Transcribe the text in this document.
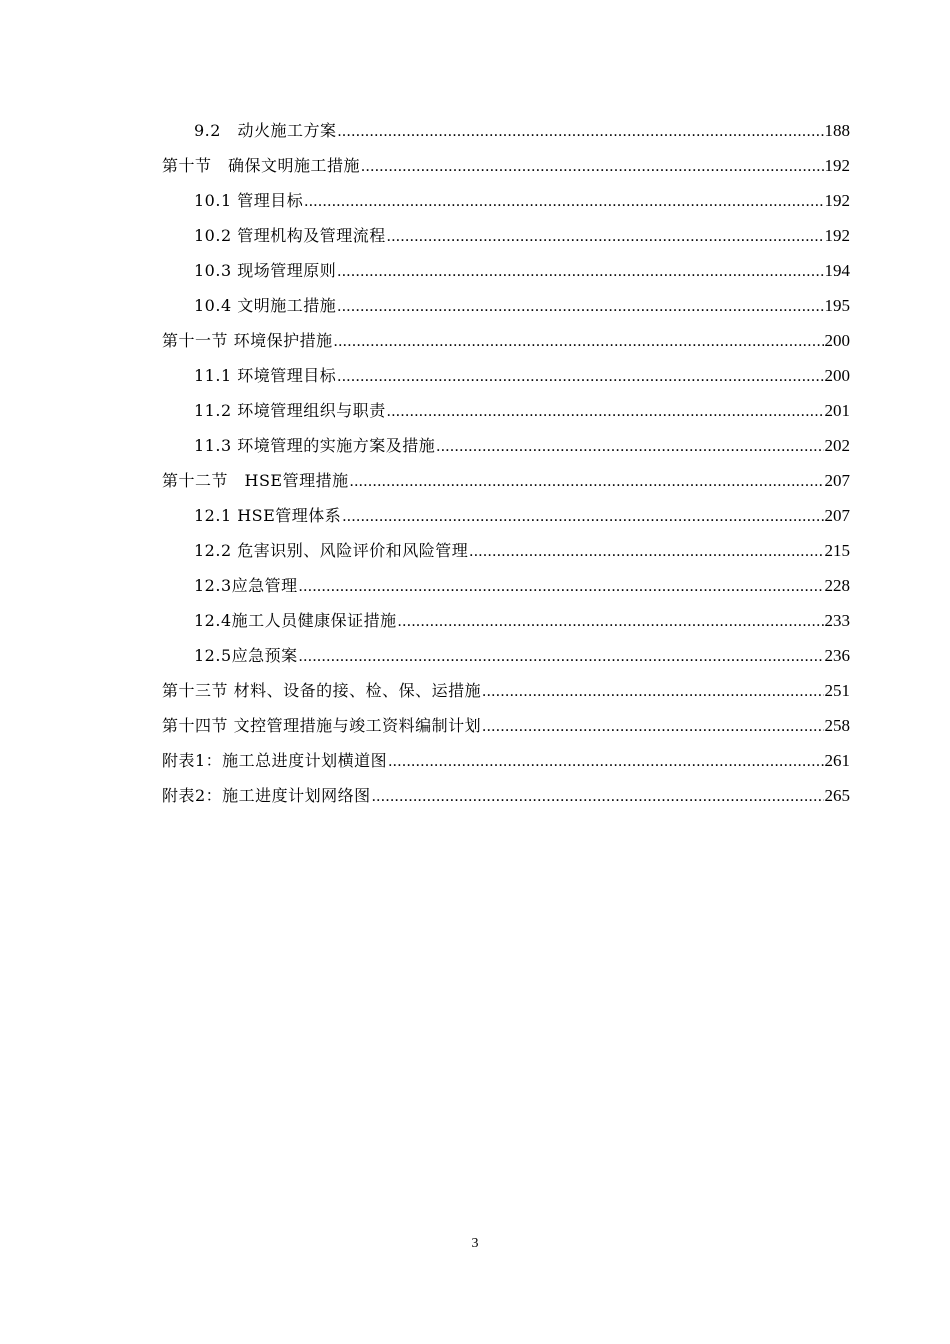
9.2　动火施工方案 .....	188
第十节　确保文明施工措施 .....	192
10.1 管理目标 .....	192
10.2 管理机构及管理流程 .....	192
10.3 现场管理原则 .....	194
10.4 文明施工措施 .....	195
第十一节 环境保护措施 .....	200
11.1 环境管理目标 .....	200
11.2 环境管理组织与职责 .....	201
11.3 环境管理的实施方案及措施 .....	202
第十二节　HSE管理措施 .....	207
12.1 HSE管理体系 .....	207
12.2 危害识别、风险评价和风险管理 .....	215
12.3应急管理 .....	228
12.4施工人员健康保证措施 .....	233
12.5应急预案 .....	236
第十三节 材料、设备的接、检、保、运措施 .....	251
第十四节 文控管理措施与竣工资料编制计划 .....	258
附表1：施工总进度计划横道图 .....	261
附表2：施工进度计划网络图 .....	265
3
